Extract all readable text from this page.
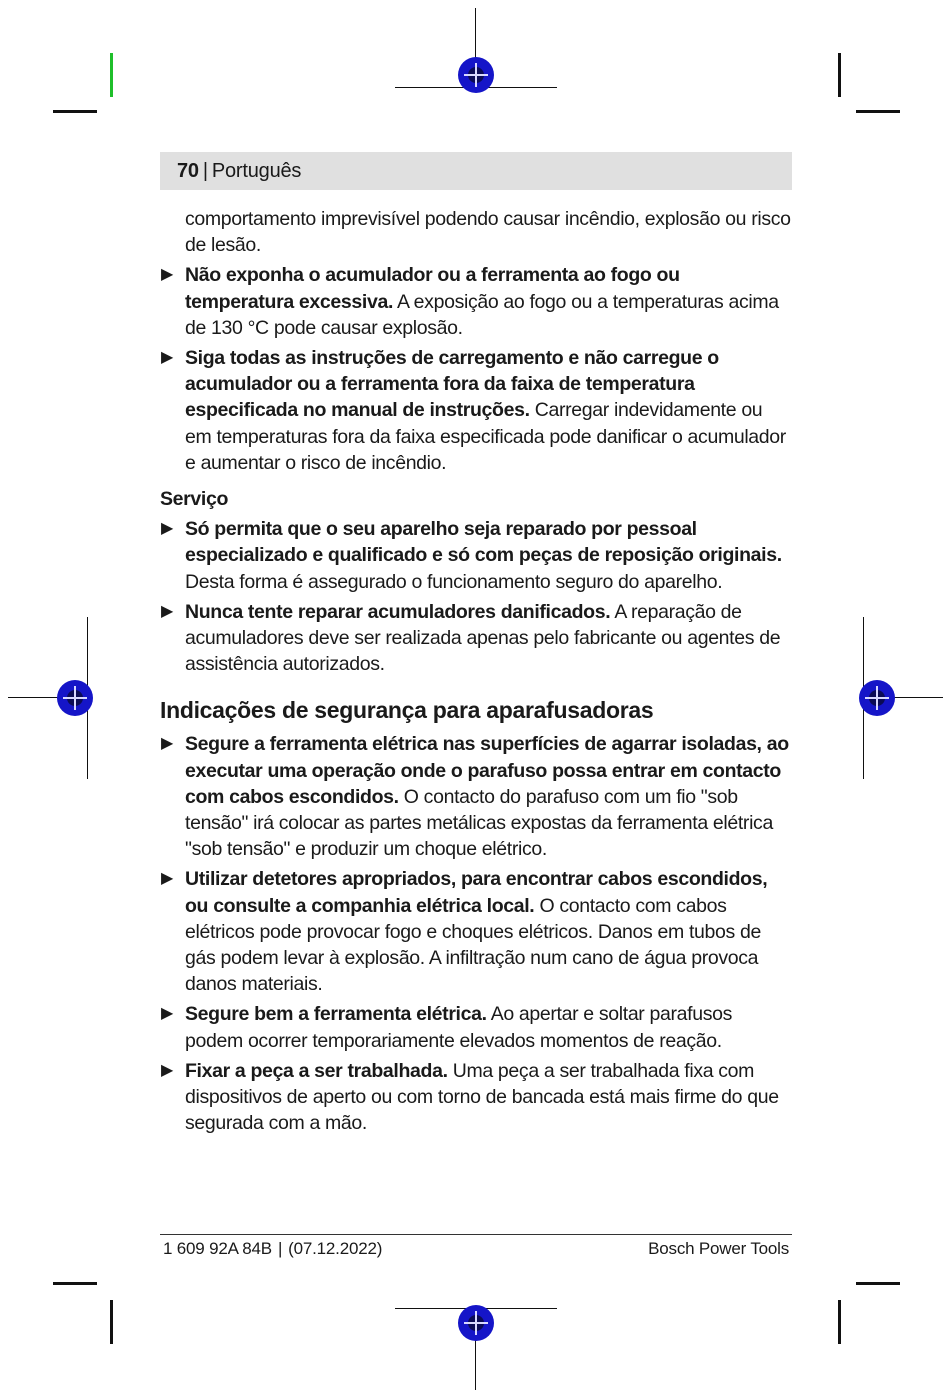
70 | Português
comportamento imprevisível podendo causar incêndio, explosão ou risco de lesão.
▶ Não exponha o acumulador ou a ferramenta ao fogo ou temperatura excessiva. A exposição ao fogo ou a temperaturas acima de 130 °C pode causar explosão.
▶ Siga todas as instruções de carregamento e não carregue o acumulador ou a ferramenta fora da faixa de temperatura especificada no manual de instruções. Carregar indevidamente ou em temperaturas fora da faixa especificada pode danificar o acumulador e aumentar o risco de incêndio.
Serviço
▶ Só permita que o seu aparelho seja reparado por pessoal especializado e qualificado e só com peças de reposição originais. Desta forma é assegurado o funcionamento seguro do aparelho.
▶ Nunca tente reparar acumuladores danificados. A reparação de acumuladores deve ser realizada apenas pelo fabricante ou agentes de assistência autorizados.
Indicações de segurança para aparafusadoras
▶ Segure a ferramenta elétrica nas superfícies de agarrar isoladas, ao executar uma operação onde o parafuso possa entrar em contacto com cabos escondidos. O contacto do parafuso com um fio "sob tensão" irá colocar as partes metálicas expostas da ferramenta elétrica "sob tensão" e produzir um choque elétrico.
▶ Utilizar detetores apropriados, para encontrar cabos escondidos, ou consulte a companhia elétrica local. O contacto com cabos elétricos pode provocar fogo e choques elétricos. Danos em tubos de gás podem levar à explosão. A infiltração num cano de água provoca danos materiais.
▶ Segure bem a ferramenta elétrica. Ao apertar e soltar parafusos podem ocorrer temporariamente elevados momentos de reação.
▶ Fixar a peça a ser trabalhada. Uma peça a ser trabalhada fixa com dispositivos de aperto ou com torno de bancada está mais firme do que segurada com a mão.
1 609 92A 84B | (07.12.2022)	Bosch Power Tools
